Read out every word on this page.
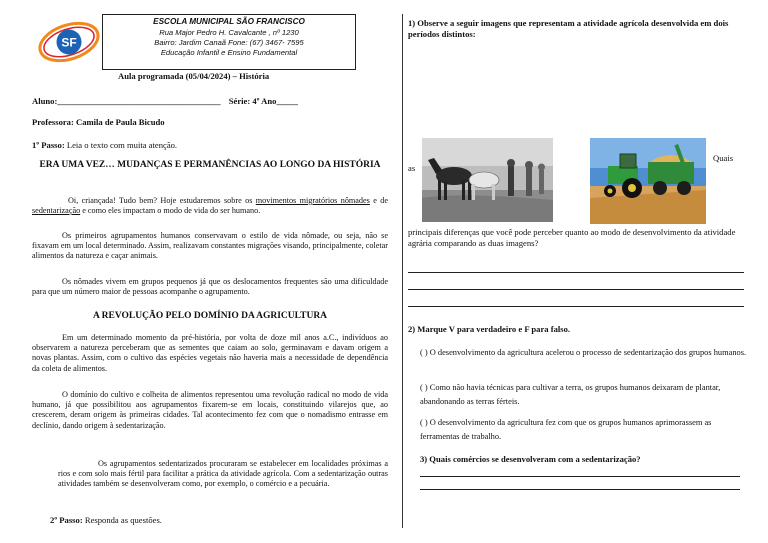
SF
ESCOLA MUNICIPAL SÃO FRANCISCO
Rua Major Pedro H. Cavalcante , nº 1230
Bairro: Jardim Canaã Fone: (67) 3467- 7595
Educação Infantil e Ensino Fundamental
Aula programada (05/04/2024) – História
Aluno:______________________________________ Série: 4º Ano_____
Professora: Camila de Paula Bicudo
1º Passo: Leia o texto com muita atenção.
ERA UMA VEZ… MUDANÇAS E PERMANÊNCIAS AO LONGO DA HISTÓRIA

Oi, criançada! Tudo bem? Hoje estudaremos sobre os movimentos migratórios nômades e de sedentarização e como eles impactam o modo de vida do ser humano.

Os primeiros agrupamentos humanos conservavam o estilo de vida nômade, ou seja, não se fixavam em um local determinado. Assim, realizavam constantes migrações visando, principalmente, coletar alimentos da natureza e caçar animais.

Os nômades vivem em grupos pequenos já que os deslocamentos frequentes são uma dificuldade para que um número maior de pessoas acompanhe o agrupamento.

A REVOLUÇÃO PELO DOMÍNIO DA AGRICULTURA

Em um determinado momento da pré-história, por volta de doze mil anos a.C., indivíduos ao observarem a natureza perceberam que as sementes que caiam ao solo, germinavam e davam origem a novas plantas. Assim, com o cultivo das espécies vegetais não haveria mais a necessidade de dependência da coleta de alimentos.

O domínio do cultivo e colheita de alimentos representou uma revolução radical no modo de vida humano, já que possibilitou aos agrupamentos fixarem-se em locais, constituindo vilarejos que, ao crescerem, deram origem às primeiras cidades. Tal acontecimento fez com que o nomadismo entrasse em declínio, dando origem à sedentarização.

Os agrupamentos sedentarizados procuraram se estabelecer em localidades próximas a rios e com solo mais fértil para facilitar a prática da atividade agrícola. Com a sedentarização outras atividades também se desenvolveram como, por exemplo, o comércio e a pecuária.

2º Passo: Responda as questões.
1) Observe a seguir imagens que representam a atividade agrícola desenvolvida em dois períodos distintos:
as
Quais
principais diferenças que você pode perceber quanto ao modo de desenvolvimento da atividade agrária comparando as duas imagens?
2) Marque V para verdadeiro e F para falso.
( ) O desenvolvimento da agricultura acelerou o processo de sedentarização dos grupos humanos.
( ) Como não havia técnicas para cultivar a terra, os grupos humanos deixaram de plantar, abandonando as terras férteis.
( ) O desenvolvimento da agricultura fez com que os grupos humanos aprimorassem as ferramentas de trabalho.
3) Quais comércios se desenvolveram com a sedentarização?
